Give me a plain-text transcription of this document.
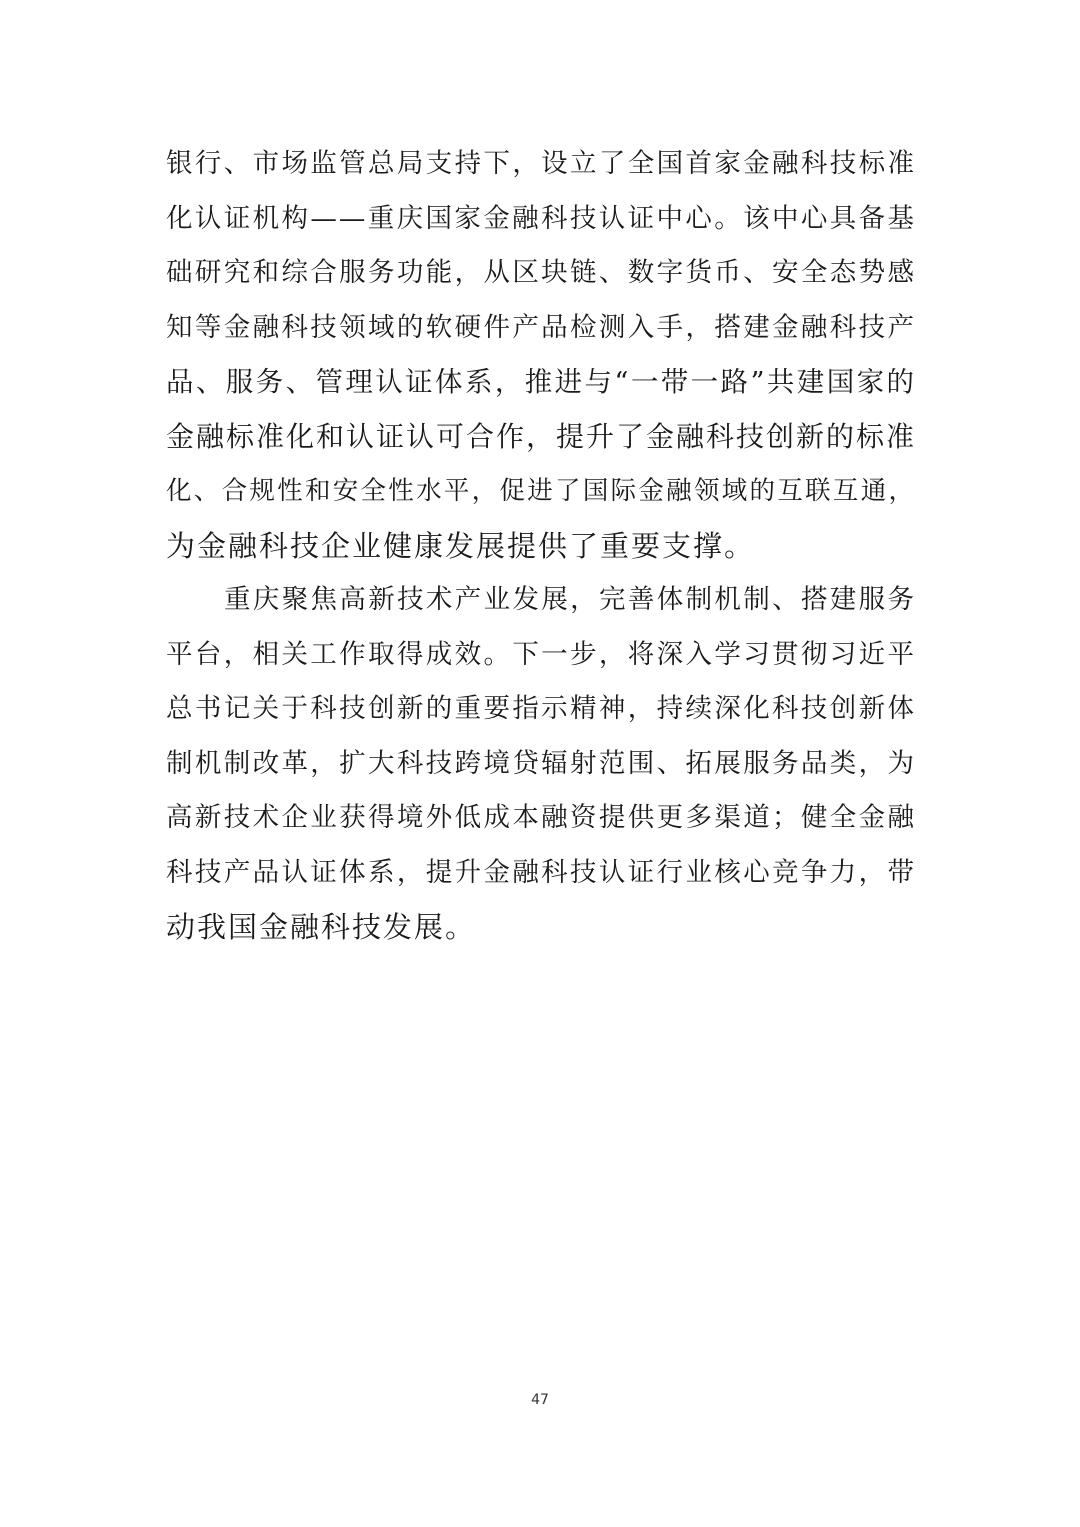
银行、市场监管总局支持下，设立了全国首家金融科技标准
化认证机构——重庆国家金融科技认证中心。该中心具备基
础研究和综合服务功能，从区块链、数字货币、安全态势感
知等金融科技领域的软硬件产品检测入手，搭建金融科技产
品、服务、管理认证体系，推进与“一带一路”共建国家的
金融标准化和认证认可合作，提升了金融科技创新的标准
化、合规性和安全性水平，促进了国际金融领域的互联互通，
为金融科技企业健康发展提供了重要支撑。
重庆聚焦高新技术产业发展，完善体制机制、搭建服务
平台，相关工作取得成效。下一步，将深入学习贯彻习近平
总书记关于科技创新的重要指示精神，持续深化科技创新体
制机制改革，扩大科技跨境贷辐射范围、拓展服务品类，为
高新技术企业获得境外低成本融资提供更多渠道；健全金融
科技产品认证体系，提升金融科技认证行业核心竞争力，带
动我国金融科技发展。
47
